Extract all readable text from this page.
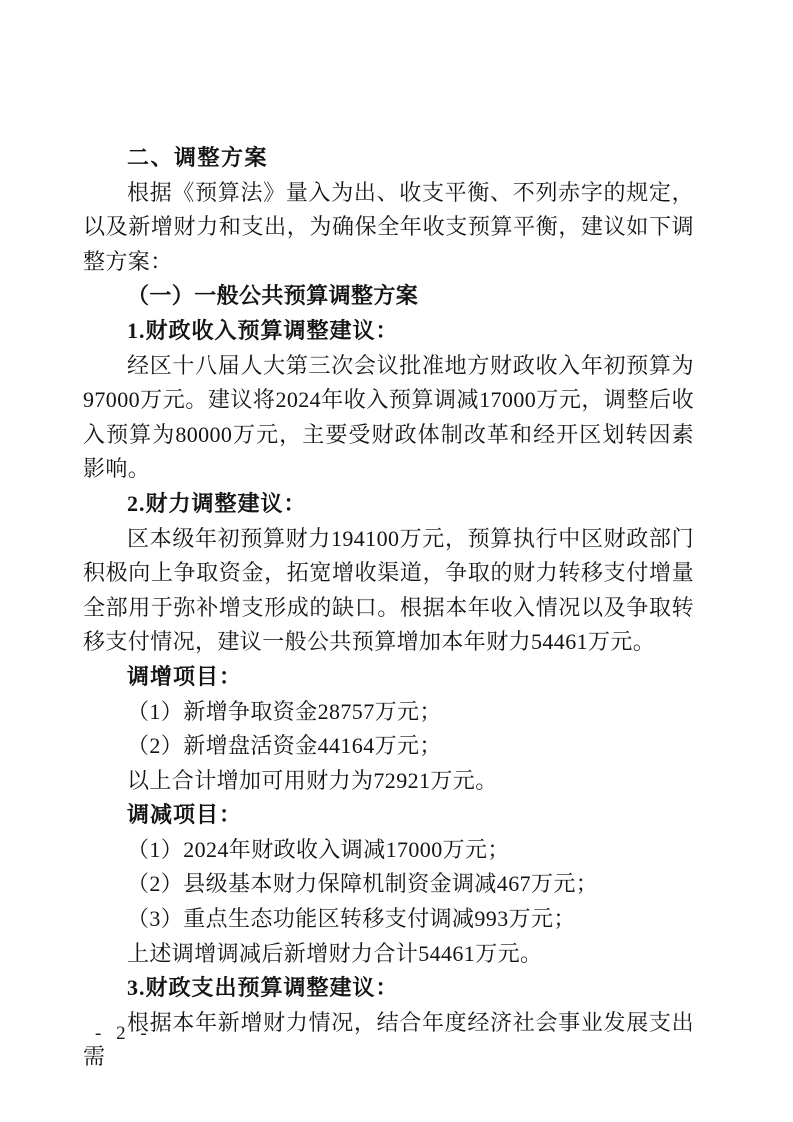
二、调整方案

根据《预算法》量入为出、收支平衡、不列赤字的规定，以及新增财力和支出，为确保全年收支预算平衡，建议如下调整方案：

（一）一般公共预算调整方案

1.财政收入预算调整建议：

经区十八届人大第三次会议批准地方财政收入年初预算为97000万元。建议将2024年收入预算调减17000万元，调整后收入预算为80000万元，主要受财政体制改革和经开区划转因素影响。

2.财力调整建议：

区本级年初预算财力194100万元，预算执行中区财政部门积极向上争取资金，拓宽增收渠道，争取的财力转移支付增量全部用于弥补增支形成的缺口。根据本年收入情况以及争取转移支付情况，建议一般公共预算增加本年财力54461万元。

调增项目：

（1）新增争取资金28757万元；

（2）新增盘活资金44164万元；

以上合计增加可用财力为72921万元。

调减项目：

（1）2024年财政收入调减17000万元；

（2）县级基本财力保障机制资金调减467万元；

（3）重点生态功能区转移支付调减993万元；

上述调增调减后新增财力合计54461万元。

3.财政支出预算调整建议：

根据本年新增财力情况，结合年度经济社会事业发展支出需

- 2 -
